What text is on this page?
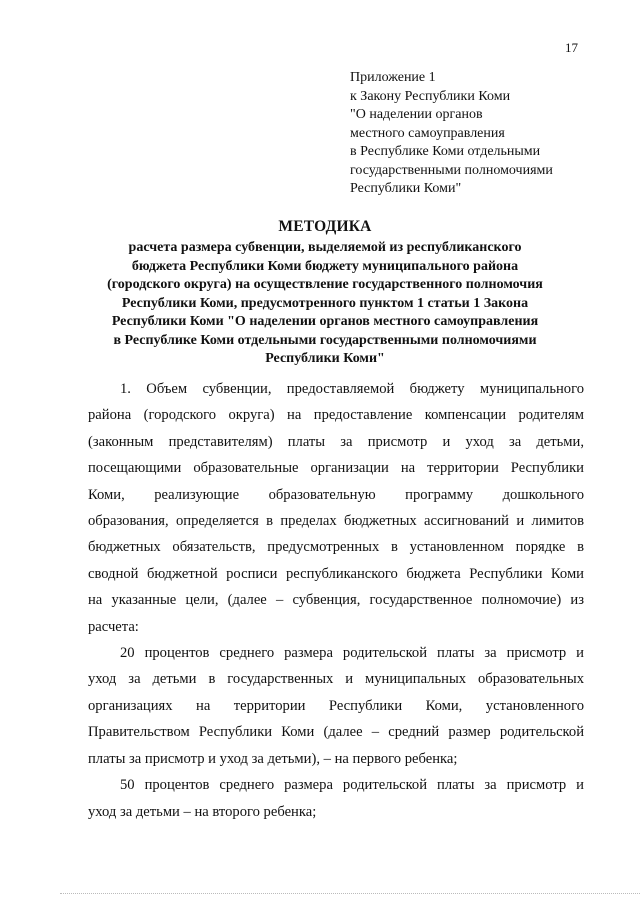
17
Приложение 1
к Закону Республики Коми
"О наделении органов
местного самоуправления
в Республике Коми отдельными
государственными полномочиями
Республики Коми"
МЕТОДИКА
расчета размера субвенции, выделяемой из республиканского
бюджета Республики Коми бюджету муниципального района
(городского округа) на осуществление государственного полномочия
Республики Коми, предусмотренного пунктом 1 статьи 1 Закона
Республики Коми "О наделении органов местного самоуправления
в Республике Коми отдельными государственными полномочиями
Республики Коми"
1. Объем субвенции, предоставляемой бюджету муниципального
района (городского округа) на предоставление компенсации родителям
(законным представителям) платы за присмотр и уход за детьми,
посещающими образовательные организации на территории Республики
Коми, реализующие образовательную программу дошкольного
образования, определяется в пределах бюджетных ассигнований и лимитов
бюджетных обязательств, предусмотренных в установленном порядке в
сводной бюджетной росписи республиканского бюджета Республики Коми
на указанные цели, (далее – субвенция, государственное полномочие) из
расчета:
20 процентов среднего размера родительской платы за присмотр и
уход за детьми в государственных и муниципальных образовательных
организациях на территории Республики Коми, установленного
Правительством Республики Коми (далее – средний размер родительской
платы за присмотр и уход за детьми), – на первого ребенка;
50 процентов среднего размера родительской платы за присмотр и
уход за детьми – на второго ребенка;
